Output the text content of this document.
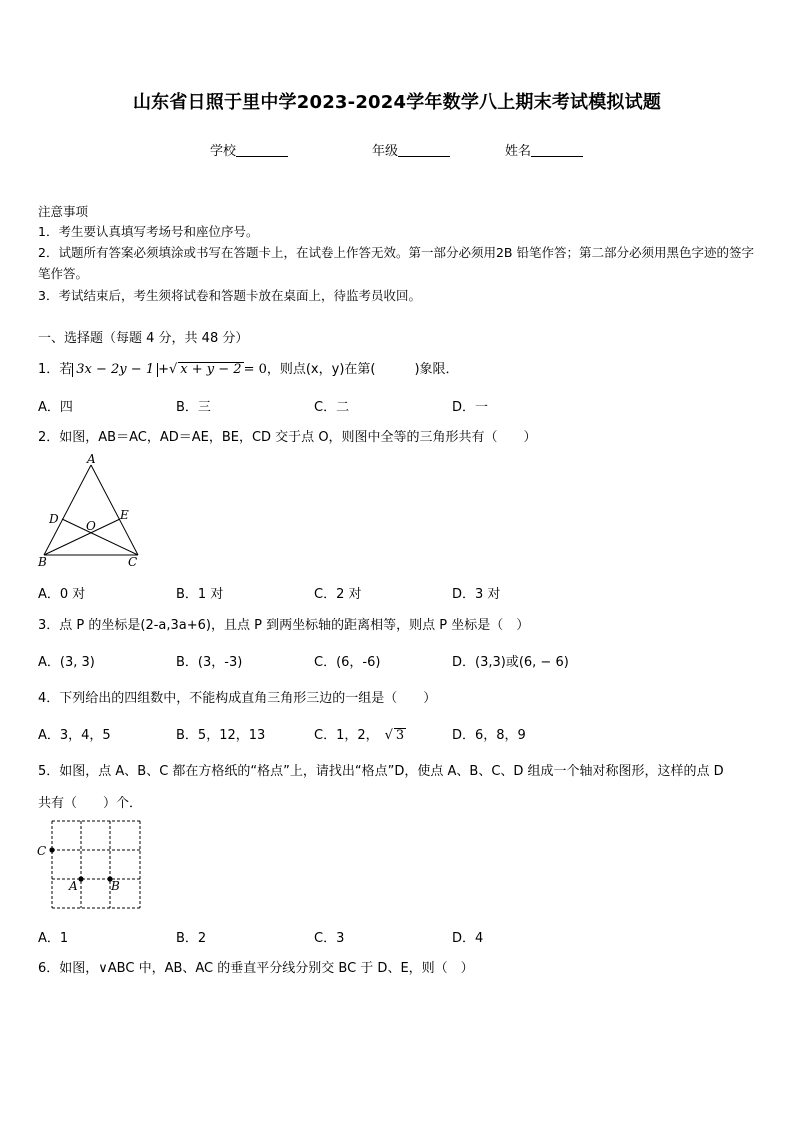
山东省日照于里中学2023-2024学年数学八上期末考试模拟试题
学校	年级	姓名
注意事项
1．考生要认真填写考场号和座位序号。
2．试题所有答案必须填涂或书写在答题卡上，在试卷上作答无效。第一部分必须用2B 铅笔作答；第二部分必须用黑色字迹的签字笔作答。
3．考试结束后，考生须将试卷和答题卡放在桌面上，待监考员收回。
一、选择题（每题 4 分，共 48 分）
1．若 3x − 2y − 1 +√ x + y − 2 = 0，则点(x，y)在第(　　　)象限．
A．四	B．三	C．二	D．一
2．如图，AB＝AC，AD＝AE，BE，CD 交于点 O，则图中全等的三角形共有（　　）
A
D O
E
B	C
A．0 对	B．1 对	C．2 对	D．3 对
3．点 P 的坐标是(2-a,3a+6)，且点 P 到两坐标轴的距离相等，则点 P 坐标是（　）
A．(3, 3)	B．(3，-3)	C．(6，-6)	D．(3,3)或(6, − 6)
4．下列给出的四组数中，不能构成直角三角形三边的一组是（　　）
A．3，4，5	B．5，12，13	C．1，2， √ 3	D．6，8，9
5．如图，点 A、B、C 都在方格纸的“格点”上，请找出“格点”D，使点 A、B、C、D 组成一个轴对称图形，这样的点 D
共有（　　）个．
C
A	B
A．1	B．2	C．3	D．4
6．如图，∨ABC 中，AB、AC 的垂直平分线分别交 BC 于 D、E，则（　）
